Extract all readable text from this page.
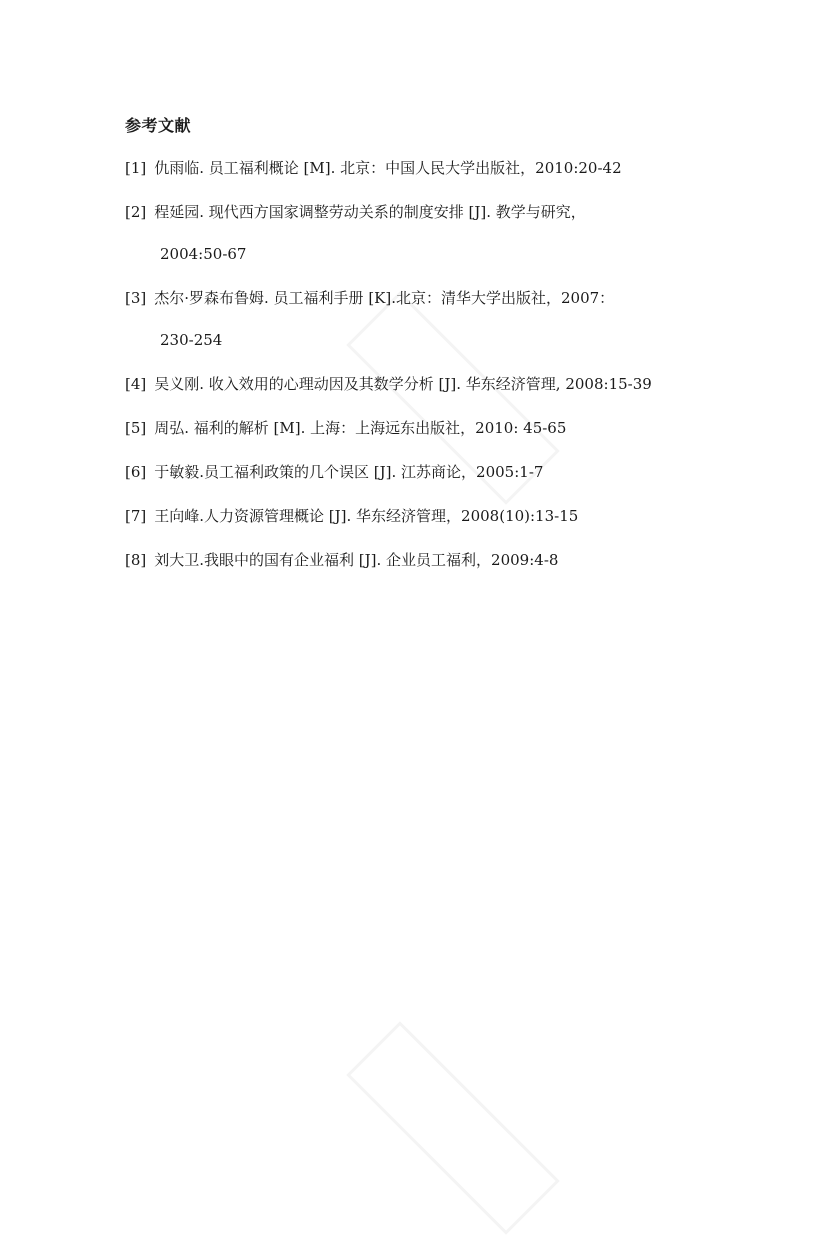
参考文献
[1] 仇雨临. 员工福利概论 [M]. 北京：中国人民大学出版社，2010:20-42
[2] 程延园. 现代西方国家调整劳动关系的制度安排 [J]. 教学与研究，
2004:50-67
[3] 杰尔·罗森布鲁姆. 员工福利手册 [K].北京：清华大学出版社，2007：
230-254
[4] 吴义刚. 收入效用的心理动因及其数学分析 [J]. 华东经济管理, 2008:15-39
[5] 周弘. 福利的解析 [M]. 上海：上海远东出版社，2010: 45-65
[6] 于敏毅.员工福利政策的几个误区 [J]. 江苏商论，2005:1-7
[7] 王向峰.人力资源管理概论 [J]. 华东经济管理，2008(10):13-15
[8] 刘大卫.我眼中的国有企业福利 [J]. 企业员工福利，2009:4-8
